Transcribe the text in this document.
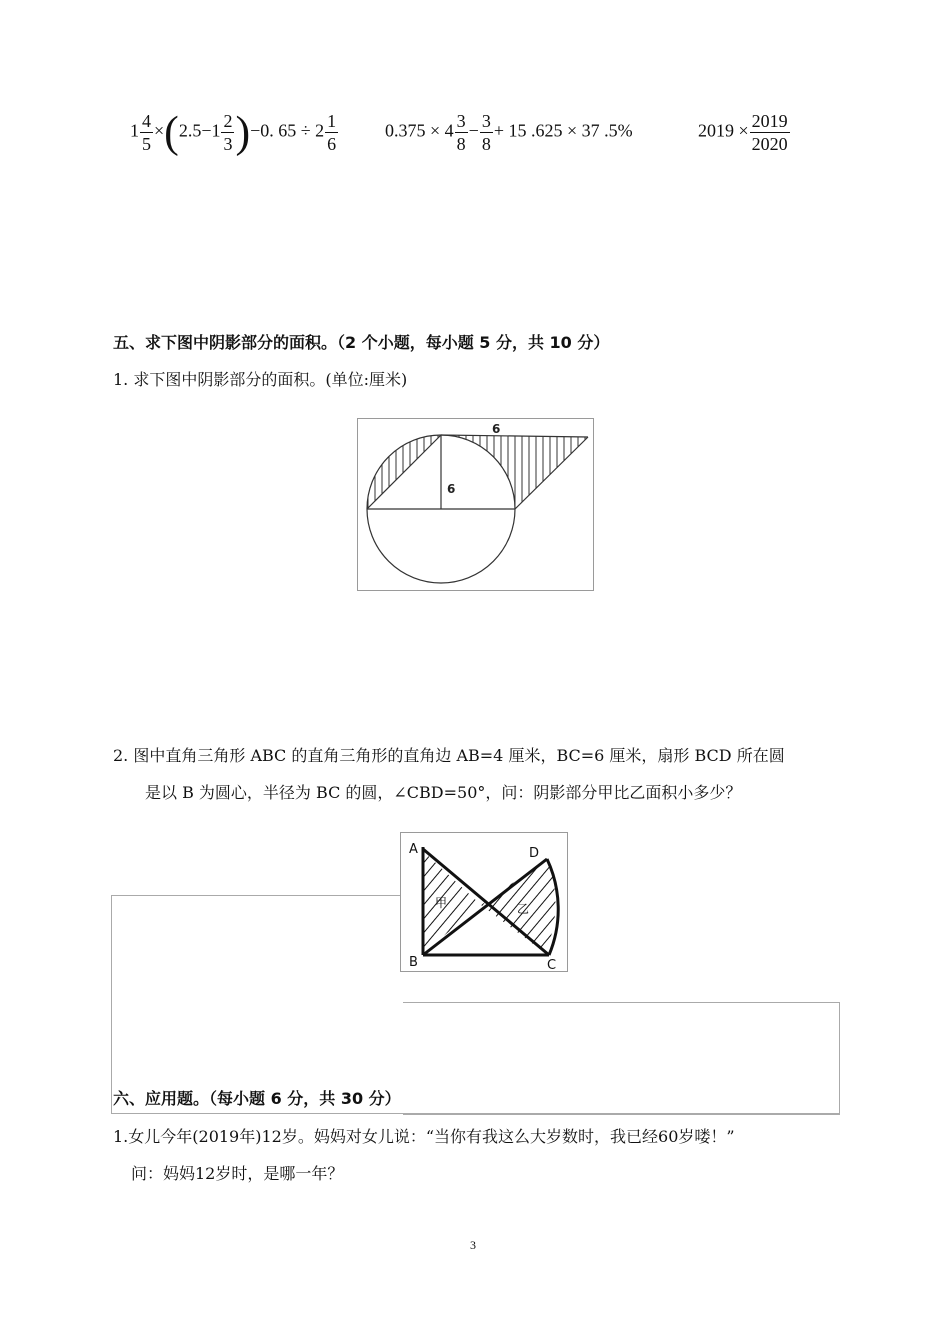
$1 \frac{4}{5} \times(2.5-1 \frac{2}{3} )-0$. $65 \div 2 \frac{1}{6}$	$0.375 \times 4 \frac{3}{8} - \frac{3}{8} + 15$ .625 × 37 .5%	$2019 \times \frac{2019}{2020}$
五、求下图中阴影部分的面积。（2 个小题，每小题 5 分，共 10 分）
1. 求下图中阴影部分的面积。(单位:厘米)
6
6
2. 图中直角三角形 ABC 的直角三角形的直角边 AB=4 厘米，BC=6 厘米，扇形 BCD 所在圆
是以 B 为圆心，半径为 BC 的圆，∠CBD=50°，问：阴影部分甲比乙面积小多少？
A
B	C
D
甲	乙
六、应用题。（每小题 6 分，共 30 分）
1.女儿今年(2019年)12岁。妈妈对女儿说：“当你有我这么大岁数时，我已经60岁喽！”
问：妈妈12岁时，是哪一年？
3
